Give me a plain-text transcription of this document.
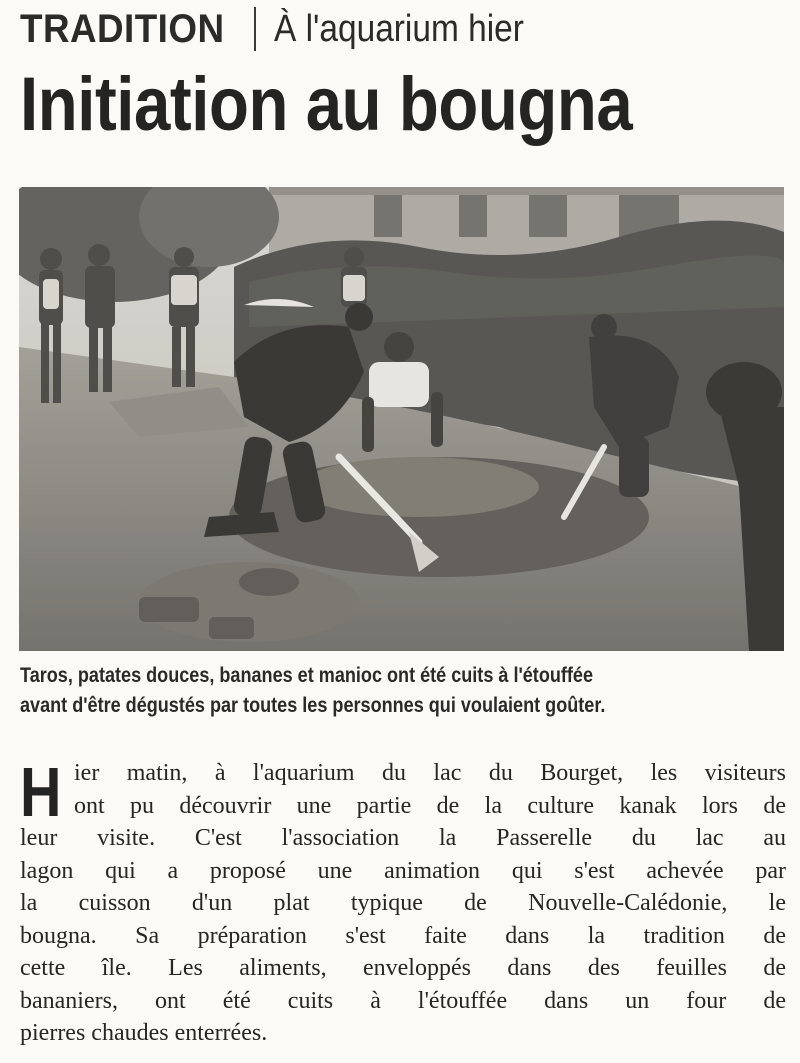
TRADITION À l'aquarium hier
Initiation au bougna
Taros, patates douces, bananes et manioc ont été cuits à l'étouffée
avant d'être dégustés par toutes les personnes qui voulaient goûter.
H ier matin, à l'aquarium du lac du Bourget, les visiteurs
ont pu découvrir une partie de la culture kanak lors de
leur visite. C'est l'association la Passerelle du lac au
lagon qui a proposé une animation qui s'est achevée par
la cuisson d'un plat typique de Nouvelle-Calédonie, le
bougna. Sa préparation s'est faite dans la tradition de
cette île. Les aliments, enveloppés dans des feuilles de
bananiers, ont été cuits à l'étouffée dans un four de
pierres chaudes enterrées.
